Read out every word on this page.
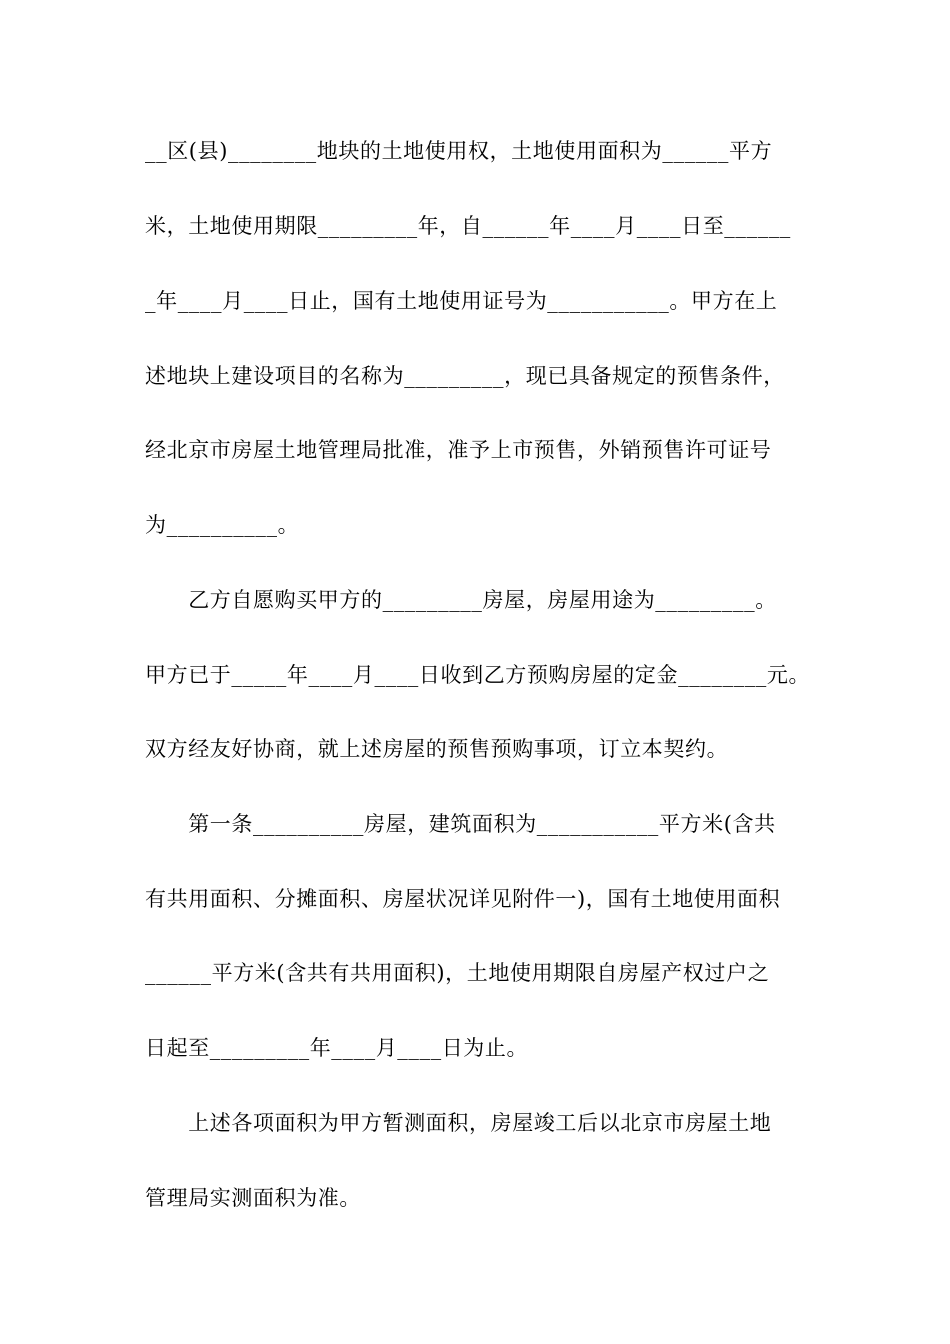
__区(县)________地块的土地使用权，土地使用面积为______平方
米，土地使用期限_________年，自______年____月____日至______
_年____月____日止，国有土地使用证号为___________。甲方在上
述地块上建设项目的名称为_________，现已具备规定的预售条件，
经北京市房屋土地管理局批准，准予上市预售，外销预售许可证号
为__________。
　　乙方自愿购买甲方的_________房屋，房屋用途为_________。
甲方已于_____年____月____日收到乙方预购房屋的定金________元。
双方经友好协商，就上述房屋的预售预购事项，订立本契约。
　　第一条__________房屋，建筑面积为___________平方米(含共
有共用面积、分摊面积、房屋状况详见附件一)，国有土地使用面积
______平方米(含共有共用面积)，土地使用期限自房屋产权过户之
日起至_________年____月____日为止。
　　上述各项面积为甲方暂测面积，房屋竣工后以北京市房屋土地
管理局实测面积为准。
